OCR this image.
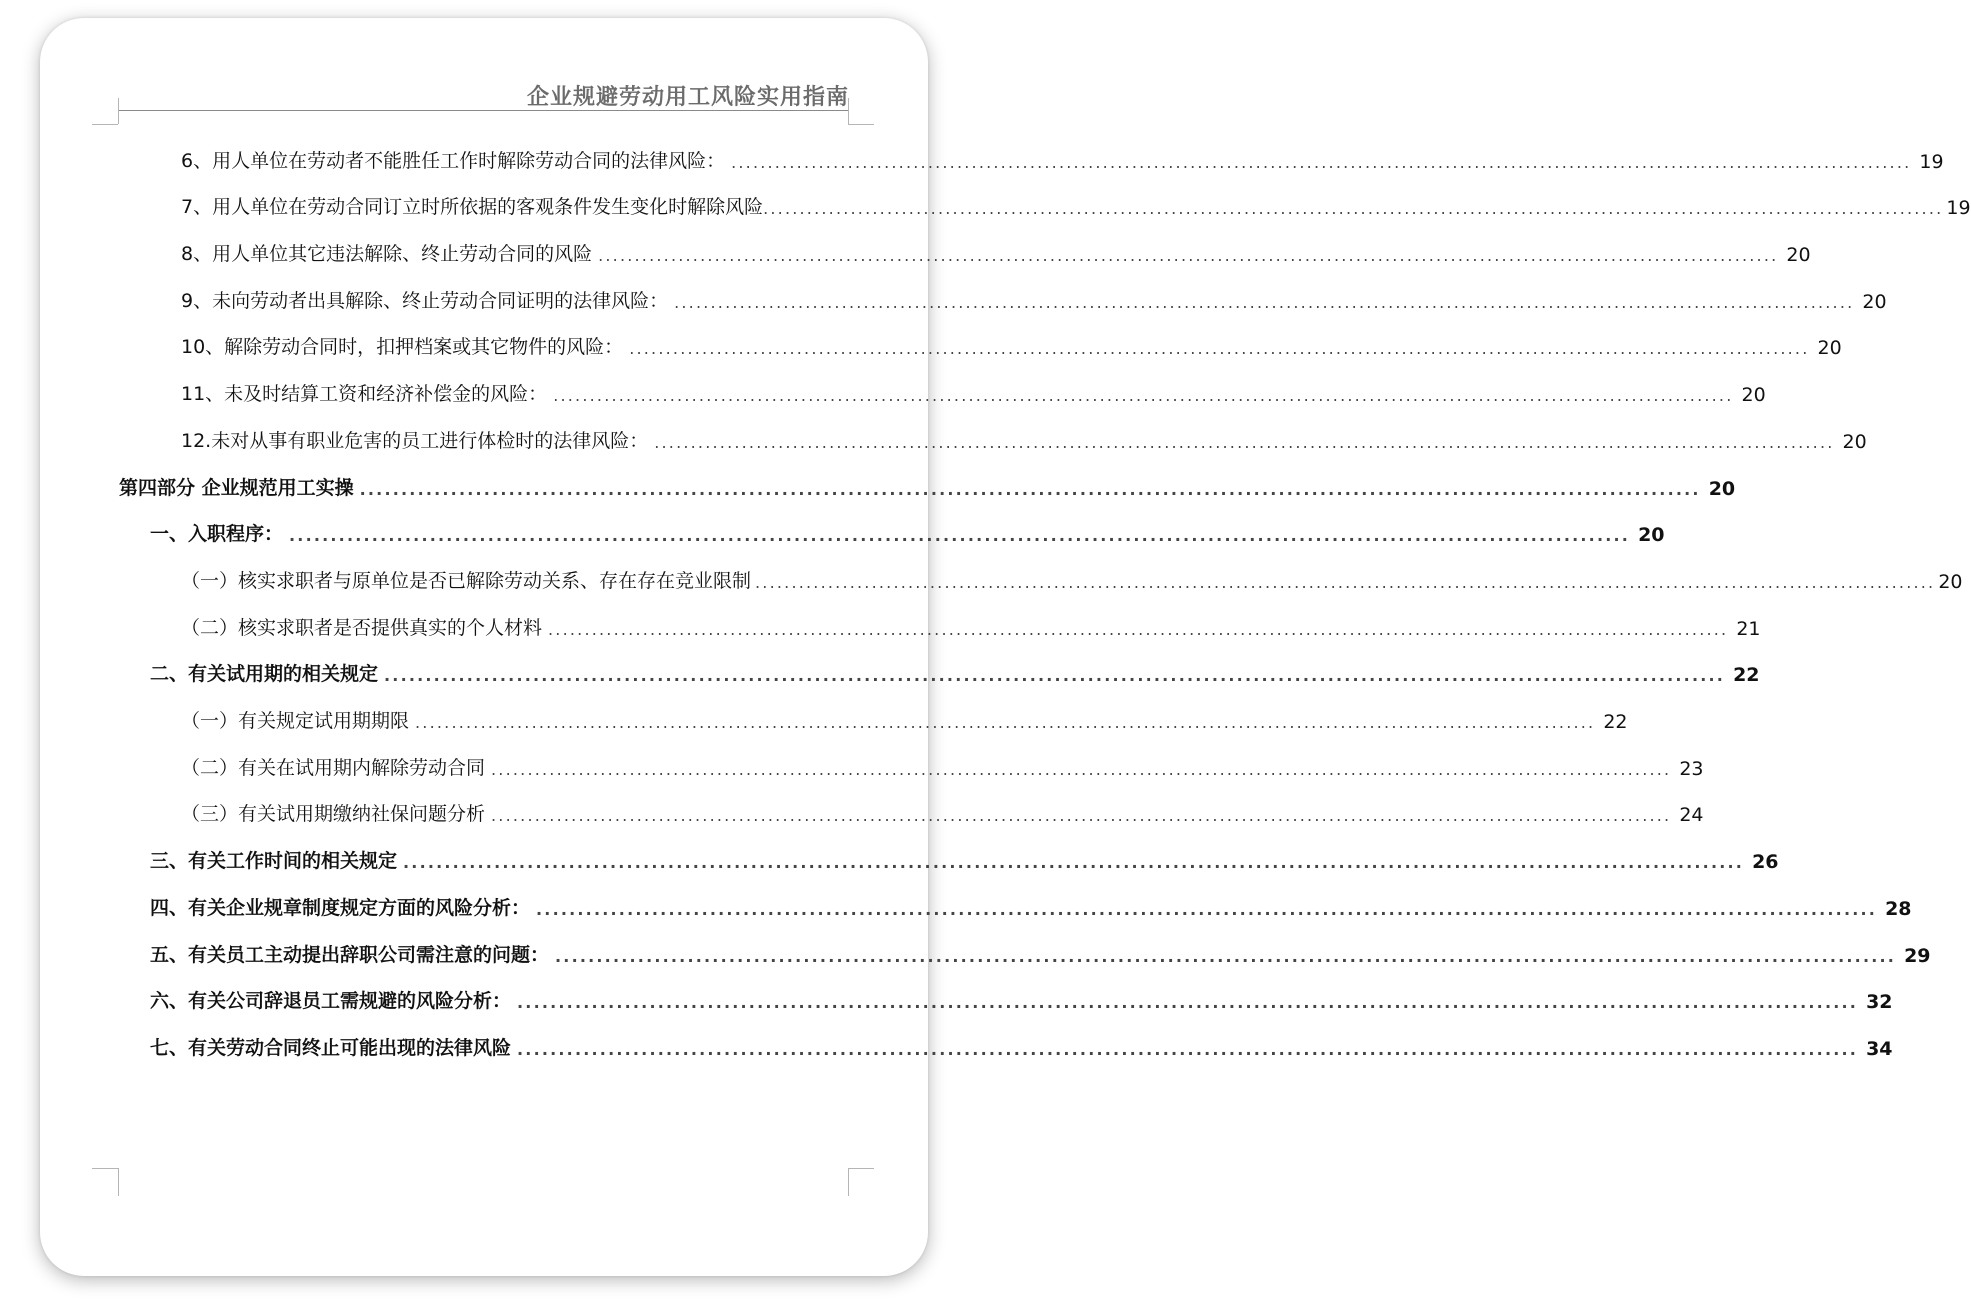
企业规避劳动用工风险实用指南
6、用人单位在劳动者不能胜任工作时解除劳动合同的法律风险： .................................................................................................................................................................. 19
7、用人单位在劳动合同订立时所依据的客观条件发生变化时解除风险 .................................................................................................................................................................. 19
8、用人单位其它违法解除、终止劳动合同的风险 .................................................................................................................................................................. 20
9、未向劳动者出具解除、终止劳动合同证明的法律风险： .................................................................................................................................................................. 20
10、解除劳动合同时，扣押档案或其它物件的风险： .................................................................................................................................................................. 20
11、未及时结算工资和经济补偿金的风险： .................................................................................................................................................................. 20
12.未对从事有职业危害的员工进行体检时的法律风险： .................................................................................................................................................................. 20
第四部分 企业规范用工实操 .................................................................................................................................................................. 20
一、入职程序： .................................................................................................................................................................. 20
（一）核实求职者与原单位是否已解除劳动关系、存在存在竞业限制 .................................................................................................................................................................. 20
（二）核实求职者是否提供真实的个人材料 .................................................................................................................................................................. 21
二、有关试用期的相关规定 .................................................................................................................................................................. 22
（一）有关规定试用期期限 .................................................................................................................................................................. 22
（二）有关在试用期内解除劳动合同 .................................................................................................................................................................. 23
（三）有关试用期缴纳社保问题分析 .................................................................................................................................................................. 24
三、有关工作时间的相关规定 .................................................................................................................................................................. 26
四、有关企业规章制度规定方面的风险分析： .................................................................................................................................................................. 28
五、有关员工主动提出辞职公司需注意的问题： .................................................................................................................................................................. 29
六、有关公司辞退员工需规避的风险分析： .................................................................................................................................................................. 32
七、有关劳动合同终止可能出现的法律风险 .................................................................................................................................................................. 34
